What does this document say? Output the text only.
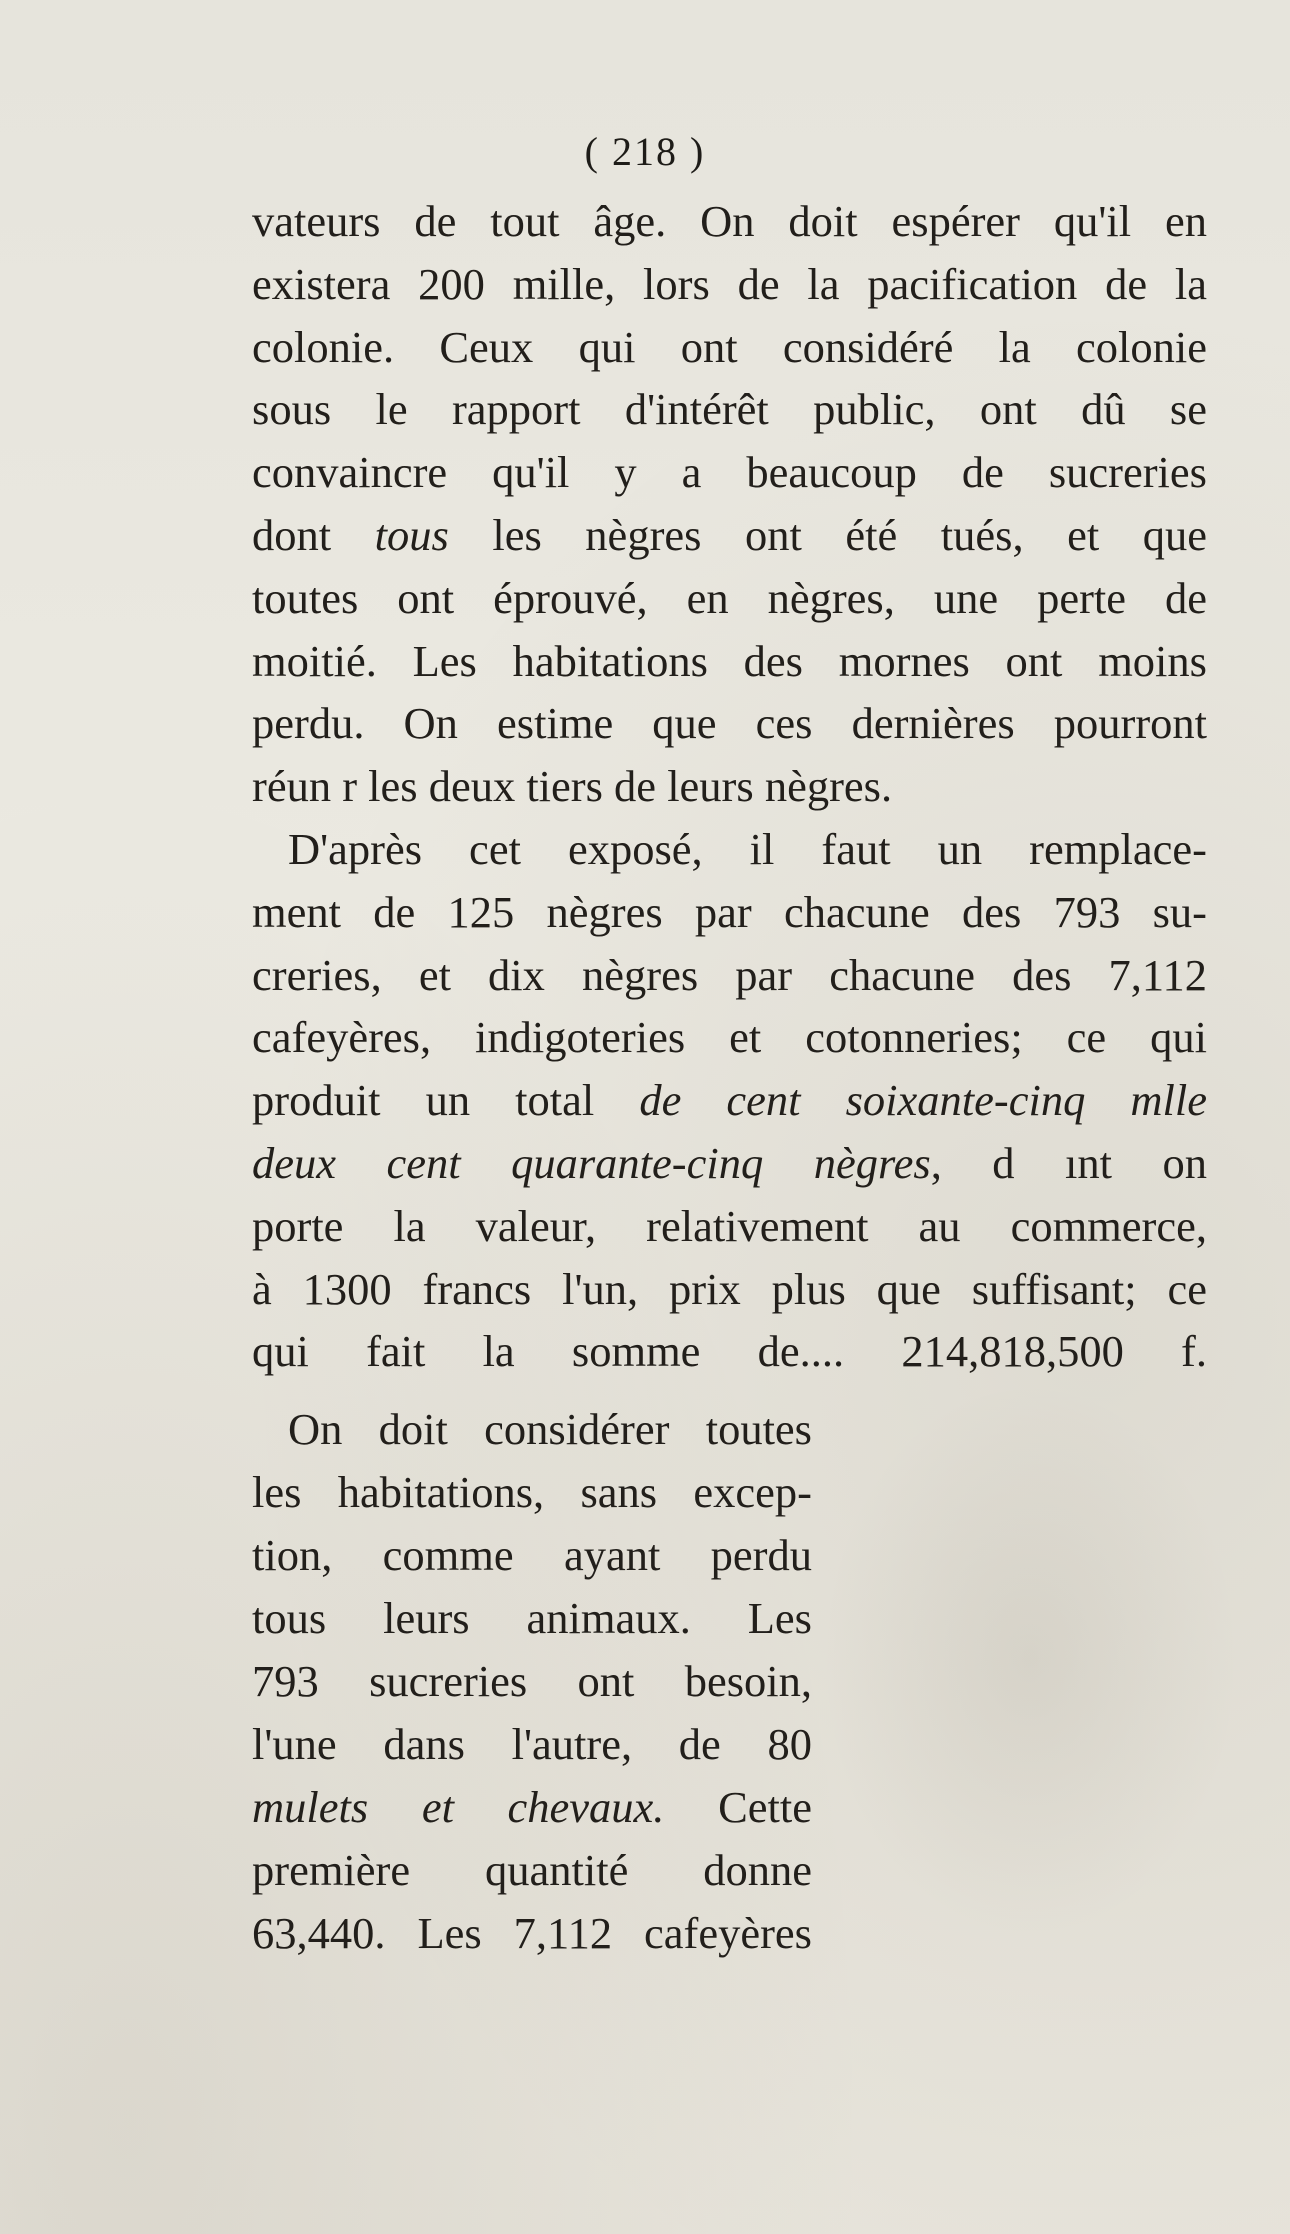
( 218 )
vateurs de tout âge. On doit espérer qu'il en
existera 200 mille, lors de la pacification de la
colonie. Ceux qui ont considéré la colonie
sous le rapport d'intérêt public, ont dû se
convaincre qu'il y a beaucoup de sucreries
dont tous les nègres ont été tués, et que
toutes ont éprouvé, en nègres, une perte de
moitié. Les habitations des mornes ont moins
perdu. On estime que ces dernières pourront
réun r les deux tiers de leurs nègres.
D'après cet exposé, il faut un remplace-
ment de 125 nègres par chacune des 793 su-
creries, et dix nègres par chacune des 7,112
cafeyères, indigoteries et cotonneries; ce qui
produit un total de cent soixante-cinq mlle
deux cent quarante-cinq nègres, d ınt on
porte la valeur, relativement au commerce,
à 1300 francs l'un, prix plus que suffisant; ce
qui fait la somme de.... 214,818,500 f.
On doit considérer toutes
les habitations, sans excep-
tion, comme ayant perdu
tous leurs animaux. Les
793 sucreries ont besoin,
l'une dans l'autre, de 80
mulets et chevaux. Cette
première quantité donne
63,440. Les 7,112 cafeyères
